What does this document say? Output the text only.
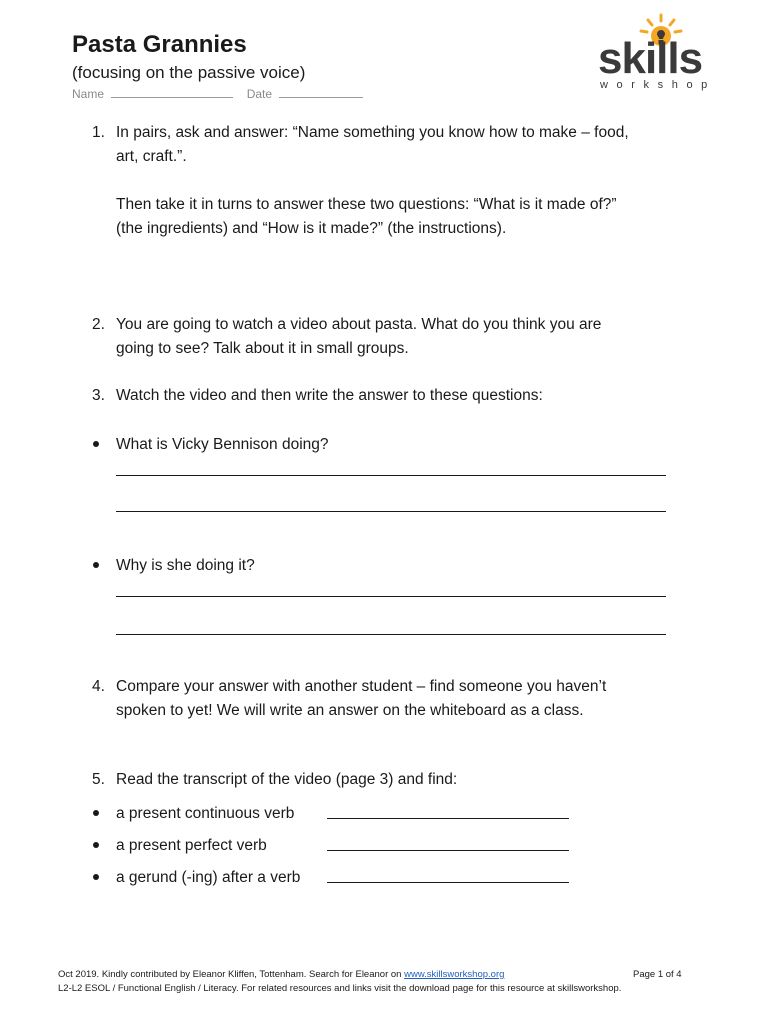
Pasta Grannies
(focusing on the passive voice)
Name	Date
skills
workshop
1. In pairs, ask and answer: “Name something you know how to make – food,
art, craft.”.
Then take it in turns to answer these two questions: “What is it made of?”
(the ingredients) and “How is it made?” (the instructions).
2. You are going to watch a video about pasta. What do you think you are
going to see? Talk about it in small groups.
3. Watch the video and then write the answer to these questions:
What is Vicky Bennison doing?
Why is she doing it?
4. Compare your answer with another student – find someone you haven’t
spoken to yet! We will write an answer on the whiteboard as a class.
5. Read the transcript of the video (page 3) and find:
a present continuous verb
a present perfect verb
a gerund (-ing) after a verb
Oct 2019. Kindly contributed by Eleanor Kliffen, Tottenham. Search for Eleanor on www.skillsworkshop.org	Page 1 of 4
L2-L2 ESOL / Functional English / Literacy. For related resources and links visit the download page for this resource at skillsworkshop.
